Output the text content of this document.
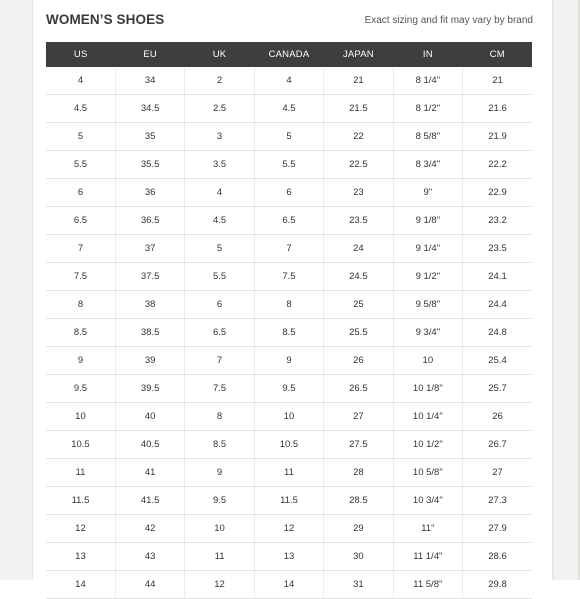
WOMEN’S SHOES	Exact sizing and fit may vary by brand
US	EU	UK	CANADA	JAPAN	IN	CM
4	34	2	4	21	8 1/4"	21
4.5	34.5	2.5	4.5	21.5	8 1/2"	21.6
5	35	3	5	22	8 5/8"	21.9
5.5	35.5	3.5	5.5	22.5	8 3/4"	22.2
6	36	4	6	23	9"	22.9
6.5	36.5	4.5	6.5	23.5	9 1/8"	23.2
7	37	5	7	24	9 1/4"	23.5
7.5	37.5	5.5	7.5	24.5	9 1/2"	24.1
8	38	6	8	25	9 5/8"	24.4
8.5	38.5	6.5	8.5	25.5	9 3/4"	24.8
9	39	7	9	26	10	25.4
9.5	39.5	7.5	9.5	26.5	10 1/8"	25.7
10	40	8	10	27	10 1/4"	26
10.5	40.5	8.5	10.5	27.5	10 1/2"	26.7
11	41	9	11	28	10 5/8"	27
11.5	41.5	9.5	11.5	28.5	10 3/4"	27.3
12	42	10	12	29	11"	27.9
13	43	11	13	30	11 1/4"	28.6
14	44	12	14	31	11 5/8"	29.8
